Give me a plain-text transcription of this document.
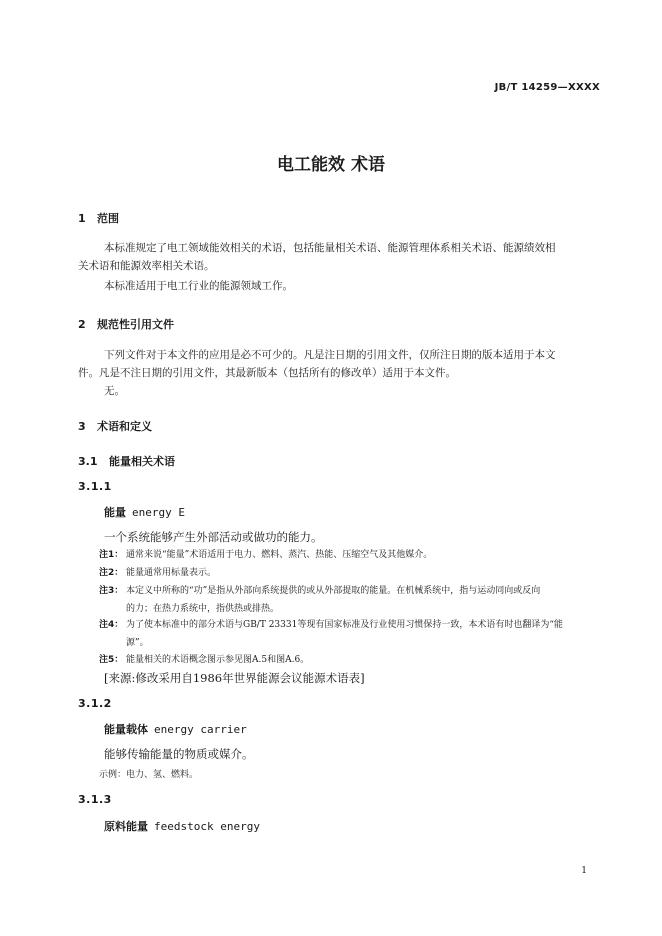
JB/T 14259—XXXX
电工能效 术语
1 范围
本标准规定了电工领域能效相关的术语，包括能量相关术语、能源管理体系相关术语、能源绩效相
关术语和能源效率相关术语。
本标准适用于电工行业的能源领域工作。
2 规范性引用文件
下列文件对于本文件的应用是必不可少的。凡是注日期的引用文件，仅所注日期的版本适用于本文
件。凡是不注日期的引用文件，其最新版本（包括所有的修改单）适用于本文件。
无。
3 术语和定义
3.1 能量相关术语
3.1.1
能量 energy E
一个系统能够产生外部活动或做功的能力。
注1： 通常来说“能量”术语适用于电力、燃料、蒸汽、热能、压缩空气及其他媒介。
注2： 能量通常用标量表示。
注3： 本定义中所称的“功”是指从外部向系统提供的或从外部提取的能量。在机械系统中，指与运动同向或反向
的力；在热力系统中，指供热或排热。
注4： 为了使本标准中的部分术语与GB/T 23331等现有国家标准及行业使用习惯保持一致，本术语有时也翻译为“能
源”。
注5： 能量相关的术语概念图示参见图A.5和图A.6。
[来源:修改采用自1986年世界能源会议能源术语表]
3.1.2
能量载体 energy carrier
能够传输能量的物质或媒介。
示例：电力、氢、燃料。
3.1.3
原料能量 feedstock energy
1
